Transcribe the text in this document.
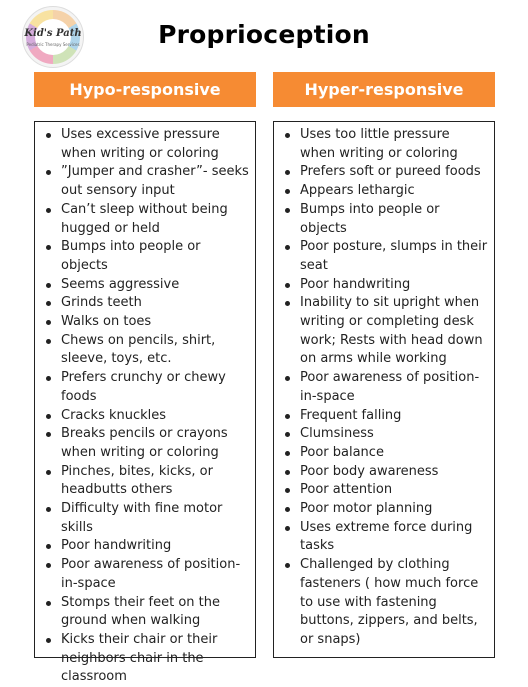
Kid's Path
Pediatric Therapy Services	Proprioception
Hypo-responsive	Hyper-responsive
Uses excessive pressure when writing or coloring
”Jumper and crasher”- seeks out sensory input
Can’t sleep without being hugged or held
Bumps into people or objects
Seems aggressive
Grinds teeth
Walks on toes
Chews on pencils, shirt, sleeve, toys, etc.
Prefers crunchy or chewy foods
Cracks knuckles
Breaks pencils or crayons when writing or coloring
Pinches, bites, kicks, or headbutts others
Difficulty with fine motor skills
Poor handwriting
Poor awareness of position-in-space
Stomps their feet on the ground when walking
Kicks their chair or their neighbors chair in the classroom
Uses too little pressure when writing or coloring
Prefers soft or pureed foods
Appears lethargic
Bumps into people or objects
Poor posture, slumps in their seat
Poor handwriting
Inability to sit upright when writing or completing desk work; Rests with head down on arms while working
Poor awareness of position-in-space
Frequent falling
Clumsiness
Poor balance
Poor body awareness
Poor attention
Poor motor planning
Uses extreme force during tasks
Challenged by clothing fasteners ( how much force to use with fastening buttons, zippers, and belts, or snaps)
